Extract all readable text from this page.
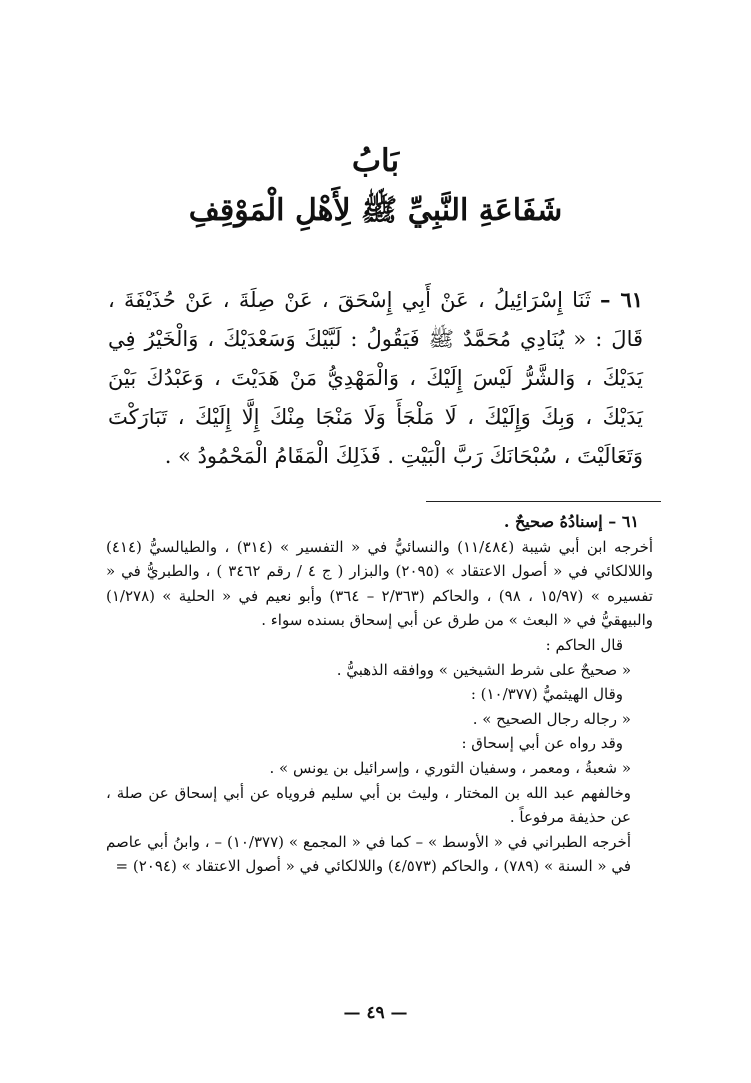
بَابُ
شَفَاعَةِ النَّبِيِّ ﷺ لِأَهْلِ الْمَوْقِفِ

٦١ – ثَنَا إِسْرَائِيلُ ، عَنْ أَبِي إِسْحَقَ ، عَنْ صِلَةَ ، عَنْ حُذَيْفَةَ ، قَالَ : « يُنَادِي مُحَمَّدٌ ﷺ فَيَقُولُ : لَبَّيْكَ وَسَعْدَيْكَ ، وَالْخَيْرُ فِي يَدَيْكَ ، وَالشَّرُّ لَيْسَ إِلَيْكَ ، وَالْمَهْدِيُّ مَنْ هَدَيْتَ ، وَعَبْدُكَ بَيْنَ يَدَيْكَ ، وَبِكَ وَإِلَيْكَ ، لَا مَلْجَأَ وَلَا مَنْجَا مِنْكَ إِلَّا إِلَيْكَ ، تَبَارَكْتَ وَتَعَالَيْتَ ، سُبْحَانَكَ رَبَّ الْبَيْتِ . فَذَلِكَ الْمَقَامُ الْمَحْمُودُ » .

٦١ – إسنادُهُ صحيحٌ .

أخرجه ابن أبي شيبة (١١/٤٨٤) والنسائيُّ في « التفسير » (٣١٤) ، والطيالسيُّ (٤١٤) واللالكائي في « أصول الاعتقاد » (٢٠٩٥) والبزار ( ج ٤ / رقم ٣٤٦٢ ) ، والطبريُّ في « تفسيره » (١٥/٩٧ ، ٩٨) ، والحاكم (٢/٣٦٣ – ٣٦٤) وأبو نعيم في « الحلية » (١/٢٧٨) والبيهقيُّ في « البعث » من طرق عن أبي إسحاق بسنده سواء .

قال الحاكم :

« صحيحٌ على شرط الشيخين » ووافقه الذهبيُّ .

وقال الهيثميُّ (١٠/٣٧٧) :

« رجاله رجال الصحيح » .

وقد رواه عن أبي إسحاق :

« شعبةُ ، ومعمر ، وسفيان الثوري ، وإسرائيل بن يونس » .

وخالفهم عبد الله بن المختار ، وليث بن أبي سليم فروياه عن أبي إسحاق عن صلة ، عن حذيفة مرفوعاً .

أخرجه الطبراني في « الأوسط » – كما في « المجمع » (١٠/٣٧٧) – ، وابنُ أبي عاصم في « السنة » (٧٨٩) ، والحاكم (٤/٥٧٣) واللالكائي في « أصول الاعتقاد » (٢٠٩٤) =

— ٤٩ —
